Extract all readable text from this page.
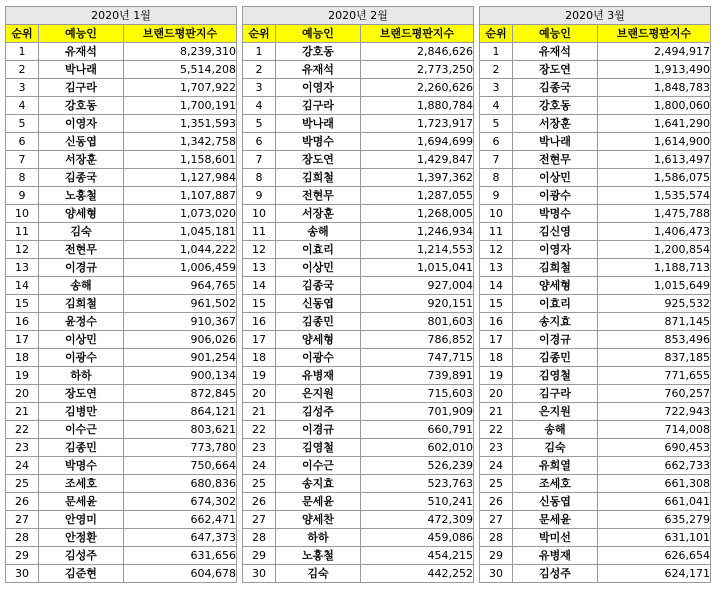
2020년 1월		
순위	예능인	브랜드평판지수
1	유재석	8,239,310
2	박나래	5,514,208
3	김구라	1,707,922
4	강호동	1,700,191
5	이영자	1,351,593
6	신동엽	1,342,758
7	서장훈	1,158,601
8	김종국	1,127,984
9	노홍철	1,107,887
10	양세형	1,073,020
11	김숙	1,045,181
12	전현무	1,044,222
13	이경규	1,006,459
14	송해	964,765
15	김희철	961,502
16	윤정수	910,367
17	이상민	906,026
18	이광수	901,254
19	하하	900,134
20	장도연	872,845
21	김병만	864,121
22	이수근	803,621
23	김종민	773,780
24	박명수	750,664
25	조세호	680,836
26	문세윤	674,302
27	안영미	662,471
28	안정환	647,373
29	김성주	631,656
30	김준현	604,678
2020년 2월		
순위	예능인	브랜드평판지수
1	강호동	2,846,626
2	유재석	2,773,250
3	이영자	2,260,626
4	김구라	1,880,784
5	박나래	1,723,917
6	박명수	1,694,699
7	장도연	1,429,847
8	김희철	1,397,362
9	전현무	1,287,055
10	서장훈	1,268,005
11	송해	1,246,934
12	이효리	1,214,553
13	이상민	1,015,041
14	김종국	927,004
15	신동엽	920,151
16	김종민	801,603
17	양세형	786,852
18	이광수	747,715
19	유병재	739,891
20	은지원	715,603
21	김성주	701,909
22	이경규	660,791
23	김영철	602,010
24	이수근	526,239
25	송지효	523,763
26	문세윤	510,241
27	양세찬	472,309
28	하하	459,086
29	노홍철	454,215
30	김숙	442,252
2020년 3월		
순위	예능인	브랜드평판지수
1	유재석	2,494,917
2	장도연	1,913,490
3	김종국	1,848,783
4	강호동	1,800,060
5	서장훈	1,641,290
6	박나래	1,614,900
7	전현무	1,613,497
8	이상민	1,586,075
9	이광수	1,535,574
10	박명수	1,475,788
11	김신영	1,406,473
12	이영자	1,200,854
13	김희철	1,188,713
14	양세형	1,015,649
15	이효리	925,532
16	송지효	871,145
17	이경규	853,496
18	김종민	837,185
19	김영철	771,655
20	김구라	760,257
21	은지원	722,943
22	송해	714,008
23	김숙	690,453
24	유희열	662,733
25	조세호	661,308
26	신동엽	661,041
27	문세윤	635,279
28	박미선	631,101
29	유병재	626,654
30	김성주	624,171
